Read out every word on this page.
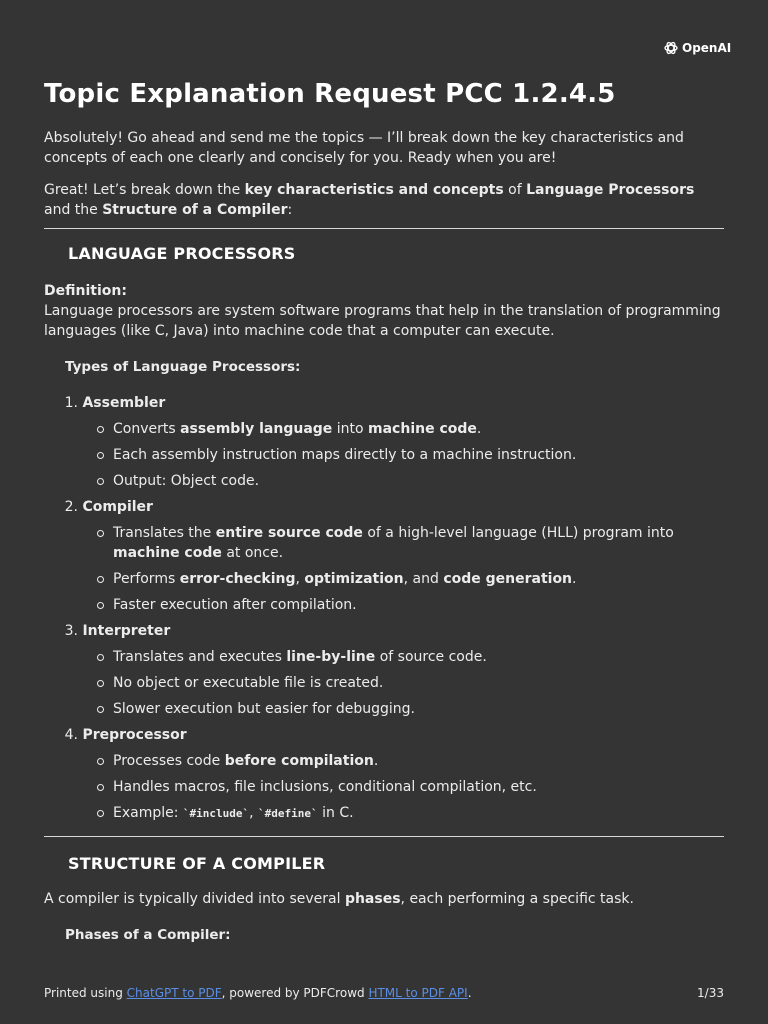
OpenAI
Topic Explanation Request PCC 1.2.4.5

Absolutely! Go ahead and send me the topics — I’ll break down the key characteristics and concepts of each one clearly and concisely for you. Ready when you are!

Great! Let’s break down the key characteristics and concepts of Language Processors and the Structure of a Compiler:

LANGUAGE PROCESSORS

Definition:

Language processors are system software programs that help in the translation of programming languages (like C, Java) into machine code that a computer can execute.

Types of Language Processors:

1. Assembler
Converts assembly language into machine code.
Each assembly instruction maps directly to a machine instruction.
Output: Object code.
2. Compiler
Translates the entire source code of a high-level language (HLL) program into machine code at once.
Performs error-checking, optimization, and code generation.
Faster execution after compilation.
3. Interpreter
Translates and executes line-by-line of source code.
No object or executable file is created.
Slower execution but easier for debugging.
4. Preprocessor
Processes code before compilation.
Handles macros, file inclusions, conditional compilation, etc.
Example: `#include`, `#define` in C.
STRUCTURE OF A COMPILER

A compiler is typically divided into several phases, each performing a specific task.

Phases of a Compiler:

Printed using ChatGPT to PDF, powered by PDFCrowd HTML to PDF API.	1/33
